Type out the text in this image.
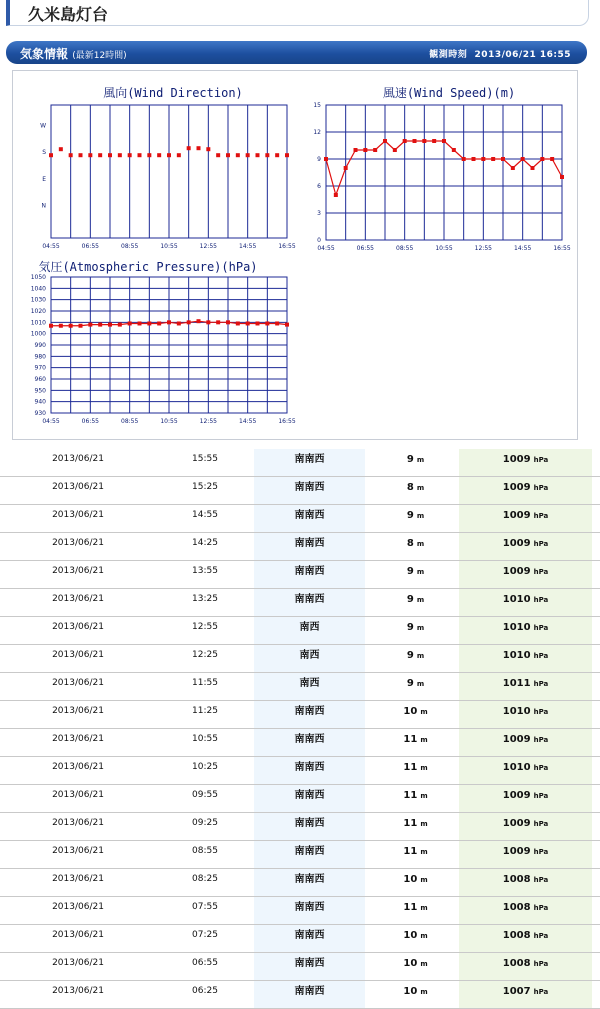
久米島灯台
気象情報 (最新12時間)	観測時刻 2013/06/21 16:55
風向(Wind Direction)
W
S
E
N
04:55	06:55	08:55	10:55	12:55	14:55	16:55
風速(Wind Speed)(m)
0
3
6
9
12
15
04:55	06:55	08:55	10:55	12:55	14:55	16:55
気圧(Atmospheric Pressure)(hPa)
930
940
950
960
970
980
990
1000
1010
1020
1030
1040
1050
04:55	06:55	08:55	10:55	12:55	14:55	16:55
2013/06/21	15:55	南南西	9 m	1009 hPa
2013/06/21	15:25	南南西	8 m	1009 hPa
2013/06/21	14:55	南南西	9 m	1009 hPa
2013/06/21	14:25	南南西	8 m	1009 hPa
2013/06/21	13:55	南南西	9 m	1009 hPa
2013/06/21	13:25	南南西	9 m	1010 hPa
2013/06/21	12:55	南西	9 m	1010 hPa
2013/06/21	12:25	南西	9 m	1010 hPa
2013/06/21	11:55	南西	9 m	1011 hPa
2013/06/21	11:25	南南西	10 m	1010 hPa
2013/06/21	10:55	南南西	11 m	1009 hPa
2013/06/21	10:25	南南西	11 m	1010 hPa
2013/06/21	09:55	南南西	11 m	1009 hPa
2013/06/21	09:25	南南西	11 m	1009 hPa
2013/06/21	08:55	南南西	11 m	1009 hPa
2013/06/21	08:25	南南西	10 m	1008 hPa
2013/06/21	07:55	南南西	11 m	1008 hPa
2013/06/21	07:25	南南西	10 m	1008 hPa
2013/06/21	06:55	南南西	10 m	1008 hPa
2013/06/21	06:25	南南西	10 m	1007 hPa
